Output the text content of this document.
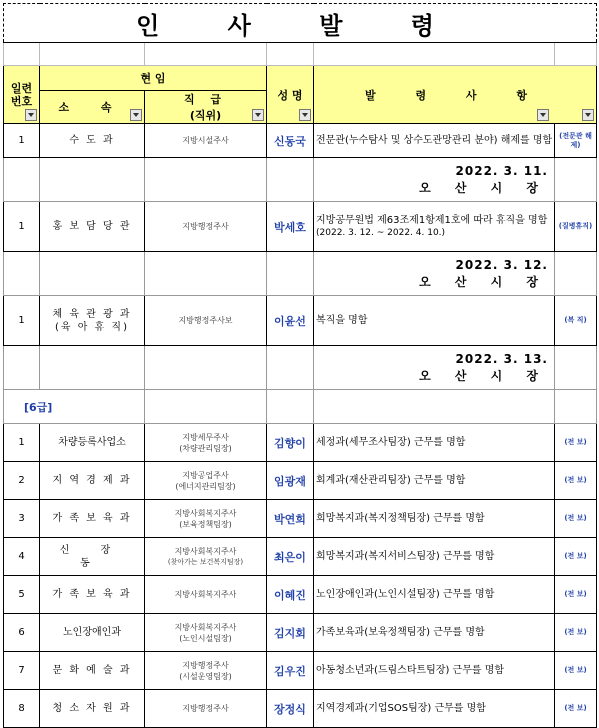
인 사 발 령					

일련번호	현 임		성 명	발 령 사 항	

	소 속	직 급
(직위)			

1	수 도 과	지방시설주사	신동국	전문관(누수탐사 및 상수도관망관리 분야) 해제를 명함	(전문관 해제)

				2022. 3. 11.
오 산 시 장	

1	홍 보 담 당 관	지방행정주사	박세호	지방공무원법 제63조제1항제1호에 따라 휴직을 명함
(2022. 3. 12. ~ 2022. 4. 10.)	(질병휴직)

				2022. 3. 12.
오 산 시 장	

1	체 육 관 광 과
(육 아 휴 직)	지방행정주사보	이윤선	복직을 명함	(복 직)

				2022. 3. 13.
오 산 시 장	

[6급]					
1	차량등록사업소	지방세무주사
(차량관리팀장)	김향이	세정과(세무조사팀장) 근무를 명함	(전 보)
2	지 역 경 제 과	지방공업주사
(에너지관리팀장)	임광재	회계과(재산관리팀장) 근무를 명함	(전 보)
3	가 족 보 육 과	지방사회복지주사
(보육정책팀장)	박연희	희망복지과(복지정책팀장) 근무를 명함	(전 보)
4	신 장 동	지방사회복지주사
(찾아가는 보건복지팀장)	최은이	희망복지과(복지서비스팀장) 근무를 명함	(전 보)
5	가 족 보 육 과	지방사회복지주사	이혜진	노인장애인과(노인시설팀장) 근무를 명함	(전 보)
6	노인장애인과	지방사회복지주사
(노인시설팀장)	김지회	가족보육과(보육정책팀장) 근무를 명함	(전 보)
7	문 화 예 술 과	지방행정주사
(시설운영팀장)	김우진	아동청소년과(드림스타트팀장) 근무를 명함	(전 보)
8	청 소 자 원 과	지방행정주사	장정식	지역경제과(기업SOS팀장) 근무를 명함	(전 보)
